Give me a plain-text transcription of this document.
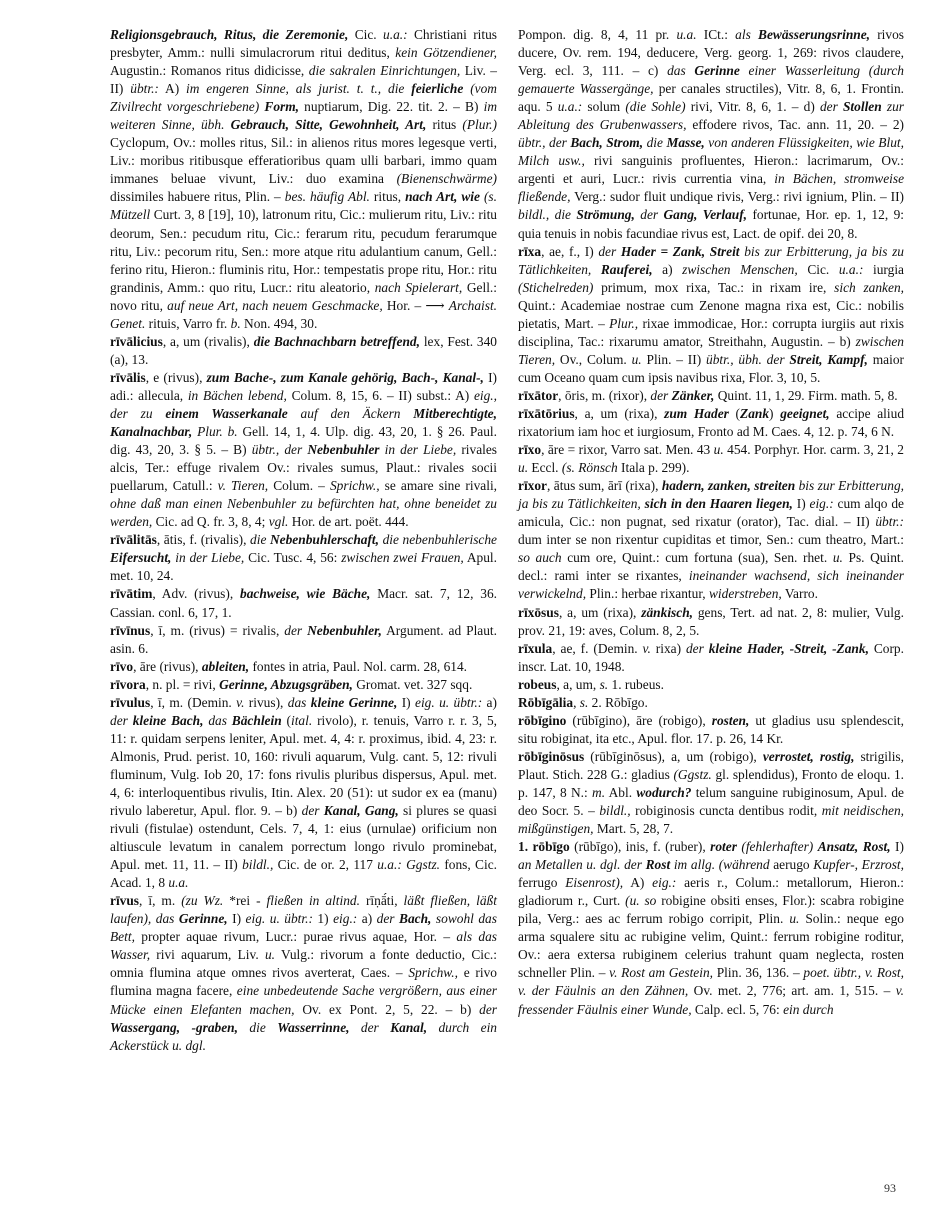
Religionsgebrauch, Ritus, die Zeremonie, Cic. u.a.: Christiani ritus presbyter, Amm.: nulli simulacrorum ritui deditus, kein Götzendiener, Augustin.: Romanos ritus didicisse, die sakralen Einrichtungen, Liv. – II) übtr.: A) im engeren Sinne, als jurist. t. t., die feierliche (vom Zivilrecht vorgeschriebene) Form, nuptiarum, Dig. 22. tit. 2. – B) im weiteren Sinne, übh. Gebrauch, Sitte, Gewohnheit, Art, ritus (Plur.) Cyclopum, Ov.: molles ritus, Sil.: in alienos ritus mores legesque verti, Liv.: moribus ritibusque efferatioribus quam ulli barbari, immo quam immanes beluae vivunt, Liv.: duo examina (Bienenschwärme) dissimiles habuere ritus, Plin. – bes. häufig Abl. ritus, nach Art, wie (s. Mützell Curt. 3, 8 [19], 10), latronum ritu, Cic.: mulierum ritu, Liv.: ritu deorum, Sen.: pecudum ritu, Cic.: ferarum ritu, pecudum ferarumque ritu, Liv.: pecorum ritu, Sen.: more atque ritu adulantium canum, Gell.: ferino ritu, Hieron.: fluminis ritu, Hor.: tempestatis prope ritu, Hor.: ritu grandinis, Amm.: quo ritu, Lucr.: ritu aleatorio, nach Spielerart, Gell.: novo ritu, auf neue Art, nach neuem Geschmacke, Hor. – ⟶ Archaist. Genet. rituis, Varro fr. b. Non. 494, 30.

rīvālicius, a, um (rivalis), die Bachnachbarn betreffend, lex, Fest. 340 (a), 13.

rīvālis, e (rivus), zum Bache-, zum Kanale gehörig, Bach-, Kanal-, I) adi.: allecula, in Bächen lebend, Colum. 8, 15, 6. – II) subst.: A) eig., der zu einem Wasserkanale auf den Äckern Mitberechtigte, Kanalnachbar, Plur. b. Gell. 14, 1, 4. Ulp. dig. 43, 20, 1. § 26. Paul. dig. 43, 20, 3. § 5. – B) übtr., der Nebenbuhler in der Liebe, rivales alcis, Ter.: effuge rivalem Ov.: rivales sumus, Plaut.: rivales socii puellarum, Catull.: v. Tieren, Colum. – Sprichw., se amare sine rivali, ohne daß man einen Nebenbuhler zu befürchten hat, ohne beneidet zu werden, Cic. ad Q. fr. 3, 8, 4; vgl. Hor. de art. poët. 444.

rīvālitās, ātis, f. (rivalis), die Nebenbuhlerschaft, die nebenbuhlerische Eifersucht, in der Liebe, Cic. Tusc. 4, 56: zwischen zwei Frauen, Apul. met. 10, 24.

rīvātim, Adv. (rivus), bachweise, wie Bäche, Macr. sat. 7, 12, 36. Cassian. conl. 6, 17, 1.

rīvīnus, ī, m. (rivus) = rivalis, der Nebenbuhler, Argument. ad Plaut. asin. 6.

rīvo, āre (rivus), ableiten, fontes in atria, Paul. Nol. carm. 28, 614.

rīvora, n. pl. = rivi, Gerinne, Abzugsgräben, Gromat. vet. 327 sqq.

rīvulus, ī, m. (Demin. v. rivus), das kleine Gerinne, I) eig. u. übtr.: a) der kleine Bach, das Bächlein (ital. rivolo), r. tenuis, Varro r. r. 3, 5, 11: r. quidam serpens leniter, Apul. met. 4, 4: r. proximus, ibid. 4, 23: r. Almonis, Prud. perist. 10, 160: rivuli aquarum, Vulg. cant. 5, 12: rivuli fluminum, Vulg. Iob 20, 17: fons rivulis pluribus dispersus, Apul. met. 4, 6: interloquentibus rivulis, Itin. Alex. 20 (51): ut sudor ex ea (manu) rivulo laberetur, Apul. flor. 9. – b) der Kanal, Gang, si plures se quasi rivuli (fistulae) ostendunt, Cels. 7, 4, 1: eius (urnulae) orificium non altiuscule levatum in canalem porrectum longo rivulo prominebat, Apul. met. 11, 11. – II) bildl., Cic. de or. 2, 117 u.a.: Ggstz. fons, Cic. Acad. 1, 8 u.a.

rīvus, ī, m. (zu Wz. *rei - fließen in altind. rīṇā́ti, läßt fließen, läßt laufen), das Gerinne, I) eig. u. übtr.: 1) eig.: a) der Bach, sowohl das Bett, propter aquae rivum, Lucr.: purae rivus aquae, Hor. – als das Wasser, rivi aquarum, Liv. u. Vulg.: rivorum a fonte deductio, Cic.: omnia flumina atque omnes rivos averterat, Caes. – Sprichw., e rivo flumina magna facere, eine unbedeutende Sache vergrößern, aus einer Mücke einen Elefanten machen, Ov. ex Pont. 2, 5, 22. – b) der Wassergang, -graben, die Wasserrinne, der Kanal, durch ein Ackerstück u. dgl.

Pompon. dig. 8, 4, 11 pr. u.a. ICt.: als Bewässerungsrinne, rivos ducere, Ov. rem. 194, deducere, Verg. georg. 1, 269: rivos claudere, Verg. ecl. 3, 111. – c) das Gerinne einer Wasserleitung (durch gemauerte Wassergänge, per canales structiles), Vitr. 8, 6, 1. Frontin. aqu. 5 u.a.: solum (die Sohle) rivi, Vitr. 8, 6, 1. – d) der Stollen zur Ableitung des Grubenwassers, effodere rivos, Tac. ann. 11, 20. – 2) übtr., der Bach, Strom, die Masse, von anderen Flüssigkeiten, wie Blut, Milch usw., rivi sanguinis profluentes, Hieron.: lacrimarum, Ov.: argenti et auri, Lucr.: rivis currentia vina, in Bächen, stromweise fließende, Verg.: sudor fluit undique rivis, Verg.: rivi ignium, Plin. – II) bildl., die Strömung, der Gang, Verlauf, fortunae, Hor. ep. 1, 12, 9: quia tenuis in nobis facundiae rivus est, Lact. de opif. dei 20, 8.

rīxa, ae, f., I) der Hader = Zank, Streit bis zur Erbitterung, ja bis zu Tätlichkeiten, Rauferei, a) zwischen Menschen, Cic. u.a.: iurgia (Stichelreden) primum, mox rixa, Tac.: in rixam ire, sich zanken, Quint.: Academiae nostrae cum Zenone magna rixa est, Cic.: nobilis pietatis, Mart. – Plur., rixae immodicae, Hor.: corrupta iurgiis aut rixis disciplina, Tac.: rixarumu amator, Streithahn, Augustin. – b) zwischen Tieren, Ov., Colum. u. Plin. – II) übtr., übh. der Streit, Kampf, maior cum Oceano quam cum ipsis navibus rixa, Flor. 3, 10, 5.

rīxātor, ōris, m. (rixor), der Zänker, Quint. 11, 1, 29. Firm. math. 5, 8.

rīxātōrius, a, um (rixa), zum Hader (Zank) geeignet, accipe aliud rixatorium iam hoc et iurgiosum, Fronto ad M. Caes. 4, 12. p. 74, 6 N.

rīxo, āre = rixor, Varro sat. Men. 43 u. 454. Porphyr. Hor. carm. 3, 21, 2 u. Eccl. (s. Rönsch Itala p. 299).

rīxor, ātus sum, ārī (rixa), hadern, zanken, streiten bis zur Erbitterung, ja bis zu Tätlichkeiten, sich in den Haaren liegen, I) eig.: cum alqo de amicula, Cic.: non pugnat, sed rixatur (orator), Tac. dial. – II) übtr.: dum inter se non rixentur cupiditas et timor, Sen.: cum theatro, Mart.: so auch cum ore, Quint.: cum fortuna (sua), Sen. rhet. u. Ps. Quint. decl.: rami inter se rixantes, ineinander wachsend, sich ineinander verwickelnd, Plin.: herbae rixantur, widerstreben, Varro.

rīxōsus, a, um (rixa), zänkisch, gens, Tert. ad nat. 2, 8: mulier, Vulg. prov. 21, 19: aves, Colum. 8, 2, 5.

rīxula, ae, f. (Demin. v. rixa) der kleine Hader, -Streit, -Zank, Corp. inscr. Lat. 10, 1948.

robeus, a, um, s. 1. rubeus.

Rōbīgālia, s. 2. Rōbīgo.

rōbīgino (rūbīgino), āre (robigo), rosten, ut gladius usu splendescit, situ robiginat, ita etc., Apul. flor. 17. p. 26, 14 Kr.

rōbīginōsus (rūbīginōsus), a, um (robigo), verrostet, rostig, strigilis, Plaut. Stich. 228 G.: gladius (Ggstz. gl. splendidus), Fronto de eloqu. 1. p. 147, 8 N.: m. Abl. wodurch? telum sanguine rubiginosum, Apul. de deo Socr. 5. – bildl., robiginosis cuncta dentibus rodit, mit neidischen, mißgünstigen, Mart. 5, 28, 7.

1. rōbīgo (rūbīgo), inis, f. (ruber), roter (fehlerhafter) Ansatz, Rost, I) an Metallen u. dgl. der Rost im allg. (während aerugo Kupfer-, Erzrost, ferrugo Eisenrost), A) eig.: aeris r., Colum.: metallorum, Hieron.: gladiorum r., Curt. (u. so robigine obsiti enses, Flor.): scabra robigine pila, Verg.: aes ac ferrum robigo corripit, Plin. u. Solin.: neque ego arma squalere situ ac rubigine velim, Quint.: ferrum robigine roditur, Ov.: aera extersa rubiginem celerius trahunt quam neglecta, rosten schneller Plin. – v. Rost am Gestein, Plin. 36, 136. – poet. übtr., v. Rost, v. der Fäulnis an den Zähnen, Ov. met. 2, 776; art. am. 1, 515. – v. fressender Fäulnis einer Wunde, Calp. ecl. 5, 76: ein durch

93
